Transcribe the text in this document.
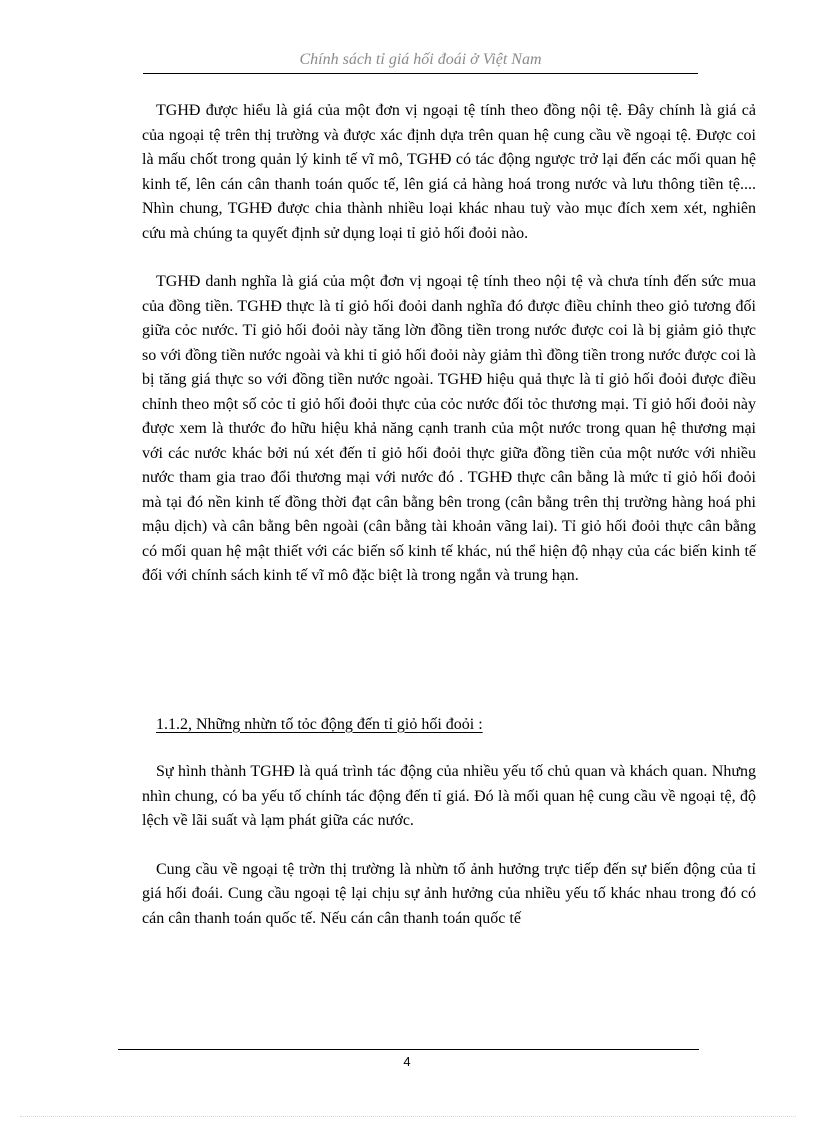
Chính sách tỉ giá hối đoái ở Việt Nam

TGHĐ được hiểu là giá của một đơn vị ngoại tệ tính theo đồng nội tệ. Đây chính là giá cả của ngoại tệ trên thị trường và được xác định dựa trên quan hệ cung cầu về ngoại tệ. Được coi là mấu chốt trong quản lý kinh tế vĩ mô, TGHĐ có tác động ngược trở lại đến các mối quan hệ kinh tế, lên cán cân thanh toán quốc tế, lên giá cả hàng hoá trong nước và lưu thông tiền tệ.... Nhìn chung, TGHĐ được chia thành nhiều loại khác nhau tuỳ vào mục đích xem xét, nghiên cứu mà chúng ta quyết định sử dụng loại tỉ giỏ hối đoỏi nào.

TGHĐ danh nghĩa là giá của một đơn vị ngoại tệ tính theo nội tệ và chưa tính đến sức mua của đồng tiền. TGHĐ thực là tỉ giỏ hối đoỏi danh nghĩa đó được điều chỉnh theo giỏ tương đối giữa cỏc nước. Tỉ giỏ hối đoỏi này tăng lờn đồng tiền trong nước được coi là bị giảm giỏ thực so với đồng tiền nước ngoài và khi tỉ giỏ hối đoỏi này giảm thì đồng tiền trong nước được coi là bị tăng giá thực so với đồng tiền nước ngoài. TGHĐ hiệu quả thực là tỉ giỏ hối đoỏi được điều chỉnh theo một số cỏc tỉ giỏ hối đoỏi thực của cỏc nước đối tỏc thương mại. Tỉ giỏ hối đoỏi này được xem là thước đo hữu hiệu khả năng cạnh tranh của một nước trong quan hệ thương mại với các nước khác bởi nú xét đến tỉ giỏ hối đoỏi thực giữa đồng tiền của một nước với nhiều nước tham gia trao đổi thương mại với nước đó . TGHĐ thực cân bằng là mức tỉ giỏ hối đoỏi mà tại đó nền kinh tế đồng thời đạt cân bằng bên trong (cân bằng trên thị trường hàng hoá phi mậu dịch) và cân bằng bên ngoài (cân bằng tài khoản vãng lai). Tỉ giỏ hối đoỏi thực cân bằng có mối quan hệ mật thiết với các biến số kinh tế khác, nú thể hiện độ nhạy của các biến kinh tế đối với chính sách kinh tế vĩ mô đặc biệt là trong ngắn và trung hạn.

1.1.2, Những nhừn tố tỏc động đến tỉ giỏ hối đoỏi :

Sự hình thành TGHĐ là quá trình tác động của nhiều yếu tố chủ quan và khách quan. Nhưng nhìn chung, có ba yếu tố chính tác động đến tỉ giá. Đó là mối quan hệ cung cầu về ngoại tệ, độ lệch về lãi suất và lạm phát giữa các nước.

Cung cầu về ngoại tệ trờn thị trường là nhừn tố ảnh hưởng trực tiếp đến sự biến động của tỉ giá hối đoái. Cung cầu ngoại tệ lại chịu sự ảnh hưởng của nhiều yếu tố khác nhau trong đó có cán cân thanh toán quốc tế. Nếu cán cân thanh toán quốc tế

4
